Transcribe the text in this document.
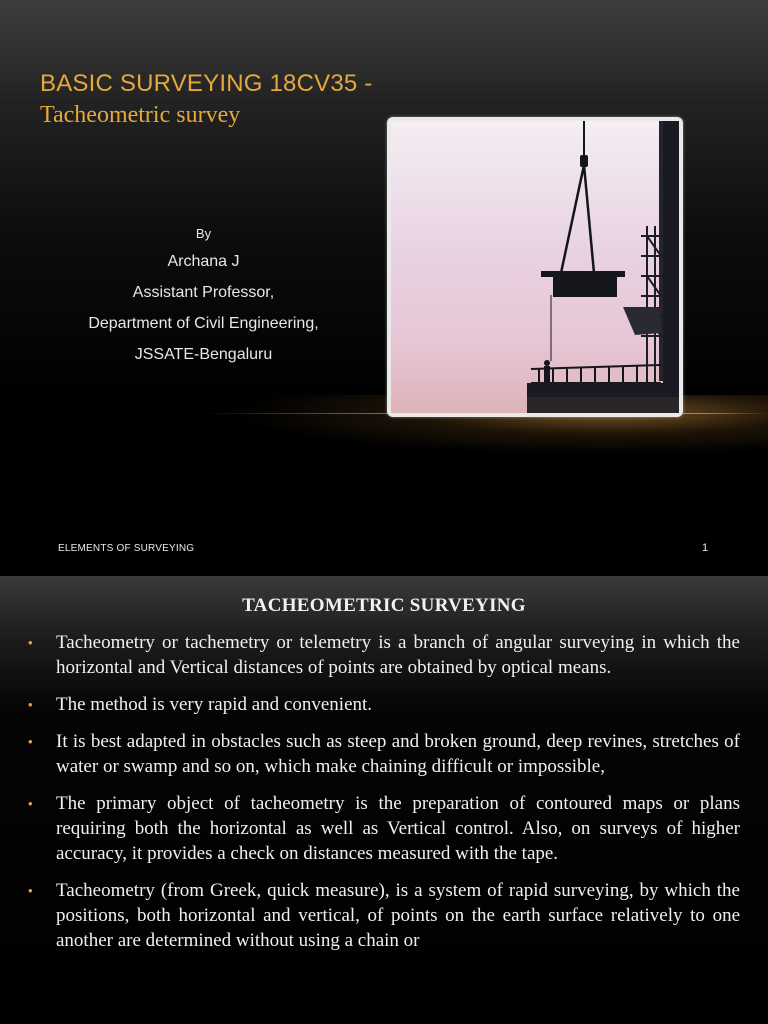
BASIC SURVEYING 18CV35 -
Tacheometric survey
By
Archana J
Assistant Professor,
Department of Civil Engineering,
JSSATE-Bengaluru
ELEMENTS OF SURVEYING	1
TACHEOMETRIC SURVEYING
• Tacheometry or tachemetry or telemetry is a branch of angular surveying in which the horizontal and Vertical distances of points are obtained by optical means.
• The method is very rapid and convenient.
• It is best adapted in obstacles such as steep and broken ground, deep revines, stretches of water or swamp and so on, which make chaining difficult or impossible,
• The primary object of tacheometry is the preparation of contoured maps or plans requiring both the horizontal as well as Vertical control. Also, on surveys of higher accuracy, it provides a check on distances measured with the tape.
• Tacheometry (from Greek, quick measure), is a system of rapid surveying, by which the positions, both horizontal and vertical, of points on the earth surface relatively to one another are determined without using a chain or
